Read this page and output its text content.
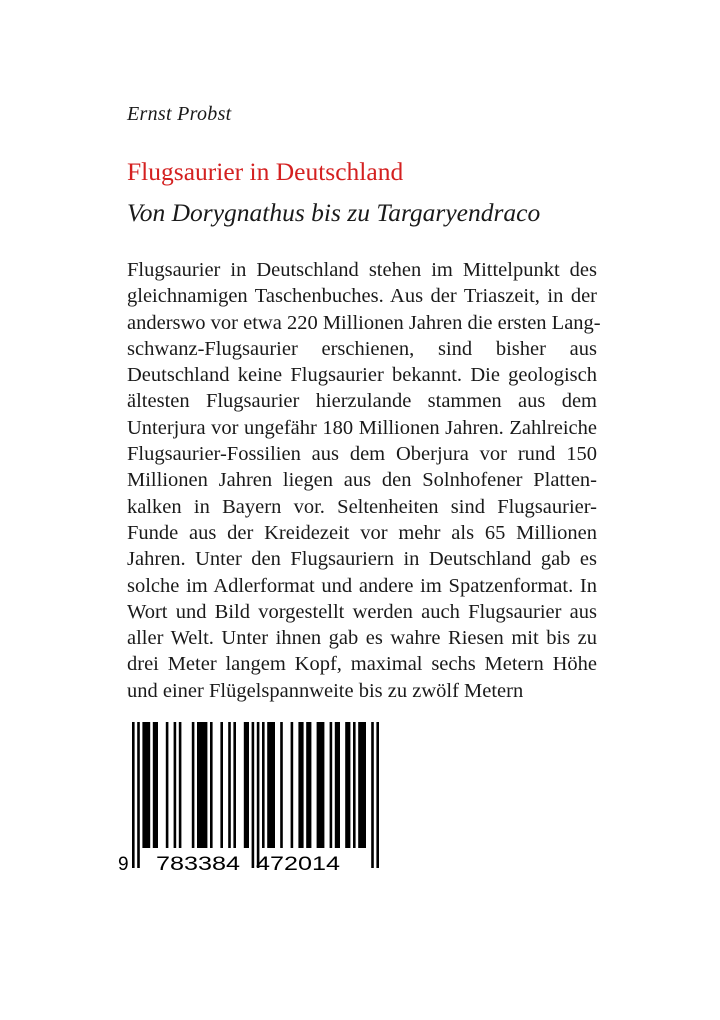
Ernst Probst
Flugsaurier in Deutschland
Von Dorygnathus bis zu Targaryendraco
Flugsaurier in Deutschland stehen im Mittelpunkt des
gleichnamigen Taschenbuches. Aus der Triaszeit, in der
anderswo vor etwa 220 Millionen Jahren die ersten Lang-
schwanz-Flugsaurier erschienen, sind bisher aus
Deutschland keine Flugsaurier bekannt. Die geologisch
ältesten Flugsaurier hierzulande stammen aus dem
Unterjura vor ungefähr 180 Millionen Jahren. Zahlreiche
Flugsaurier-Fossilien aus dem Oberjura vor rund 150
Millionen Jahren liegen aus den Solnhofener Platten-
kalken in Bayern vor. Seltenheiten sind Flugsaurier-
Funde aus der Kreidezeit vor mehr als 65 Millionen
Jahren. Unter den Flugsauriern in Deutschland gab es
solche im Adlerformat und andere im Spatzenformat. In
Wort und Bild vorgestellt werden auch Flugsaurier aus
aller Welt. Unter ihnen gab es wahre Riesen mit bis zu
drei Meter langem Kopf, maximal sechs Metern Höhe
und einer Flügelspannweite bis zu zwölf Metern
9 783384 472014
